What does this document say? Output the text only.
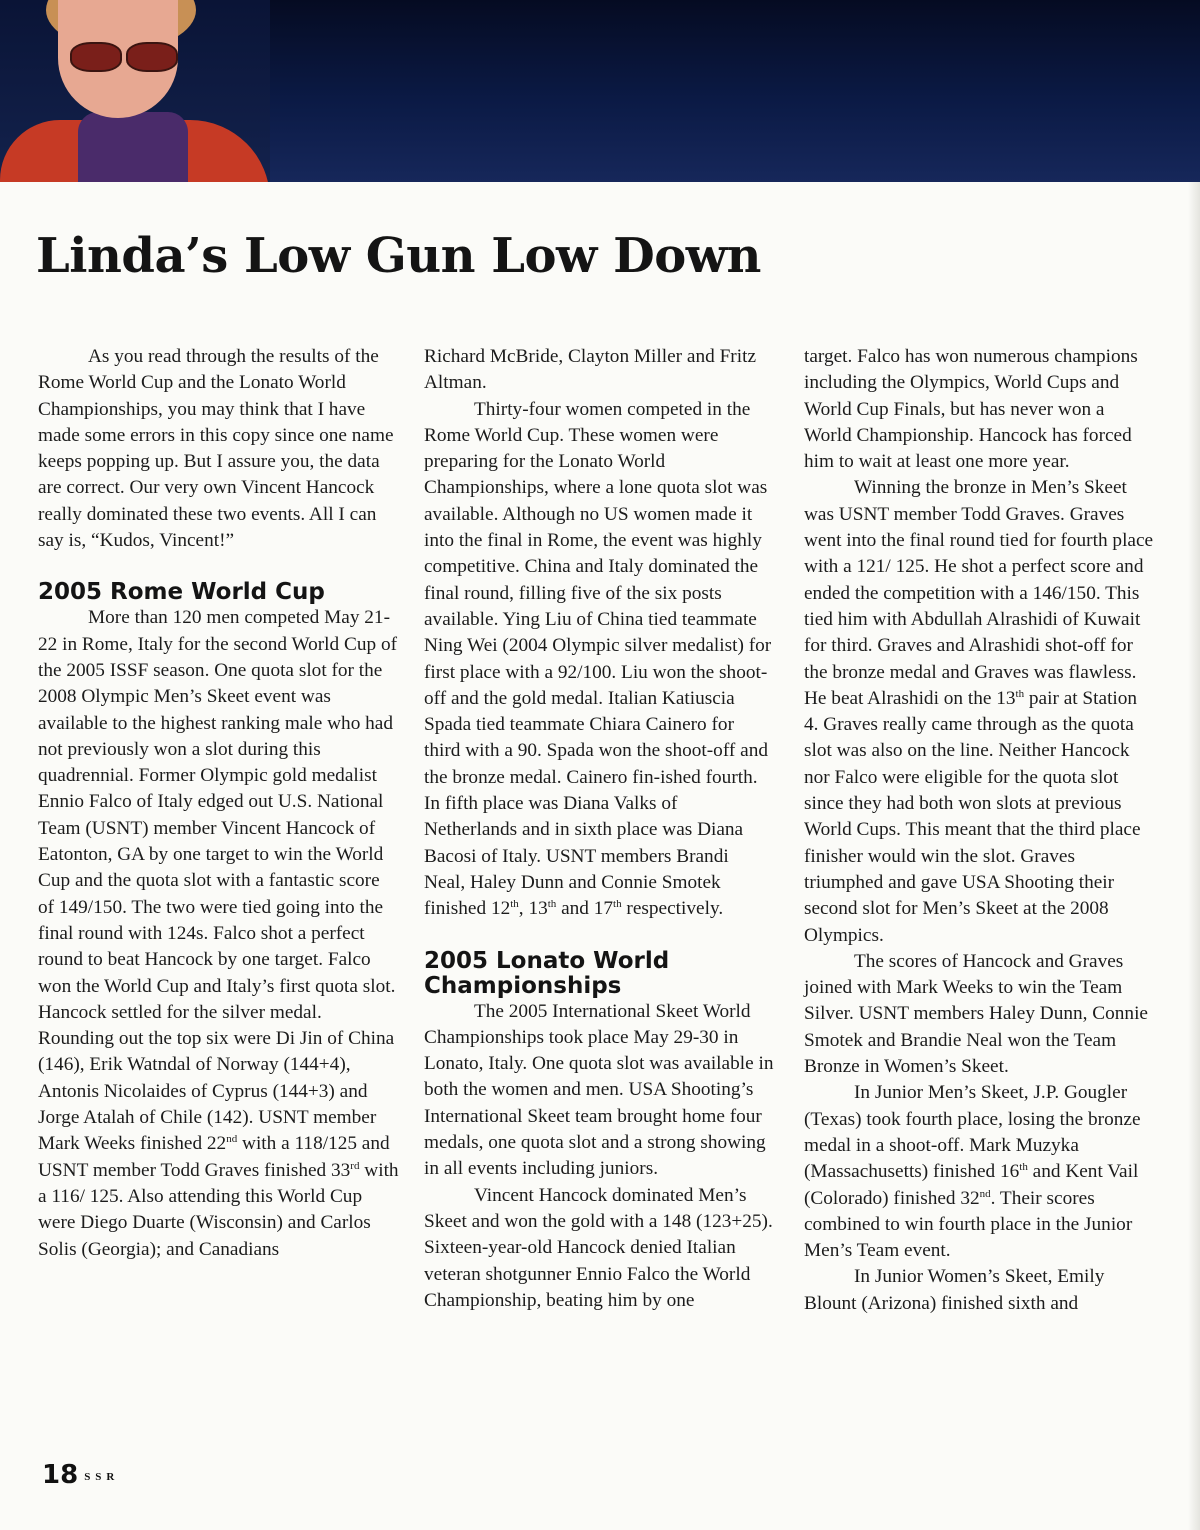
Linda’s Low Gun Low Down

As you read through the results of the Rome World Cup and the Lonato World Championships, you may think that I have made some errors in this copy since one name keeps popping up. But I assure you, the data are correct. Our very own Vincent Hancock really dominated these two events. All I can say is, “Kudos, Vincent!”

2005 Rome World Cup

More than 120 men competed May 21-22 in Rome, Italy for the second World Cup of the 2005 ISSF season. One quota slot for the 2008 Olympic Men’s Skeet event was available to the highest ranking male who had not previously won a slot during this quadrennial. Former Olympic gold medalist Ennio Falco of Italy edged out U.S. National Team (USNT) member Vincent Hancock of Eatonton, GA by one target to win the World Cup and the quota slot with a fantastic score of 149/150. The two were tied going into the final round with 124s. Falco shot a perfect round to beat Hancock by one target. Falco won the World Cup and Italy’s first quota slot. Hancock settled for the silver medal. Rounding out the top six were Di Jin of China (146), Erik Watndal of Norway (144+4), Antonis Nicolaides of Cyprus (144+3) and Jorge Atalah of Chile (142). USNT member Mark Weeks finished 22nd with a 118/125 and USNT member Todd Graves finished 33rd with a 116/ 125. Also attending this World Cup were Diego Duarte (Wisconsin) and Carlos Solis (Georgia); and Canadians

Richard McBride, Clayton Miller and Fritz Altman.

Thirty-four women competed in the Rome World Cup. These women were preparing for the Lonato World Championships, where a lone quota slot was available. Although no US women made it into the final in Rome, the event was highly competitive. China and Italy dominated the final round, filling five of the six posts available. Ying Liu of China tied teammate Ning Wei (2004 Olympic silver medalist) for first place with a 92/100. Liu won the shoot-off and the gold medal. Italian Katiuscia Spada tied teammate Chiara Cainero for third with a 90. Spada won the shoot-off and the bronze medal. Cainero fin-ished fourth. In fifth place was Diana Valks of Netherlands and in sixth place was Diana Bacosi of Italy. USNT members Brandi Neal, Haley Dunn and Connie Smotek finished 12th, 13th and 17th respectively.

2005 Lonato World Championships

The 2005 International Skeet World Championships took place May 29-30 in Lonato, Italy. One quota slot was available in both the women and men. USA Shooting’s International Skeet team brought home four medals, one quota slot and a strong showing in all events including juniors.

Vincent Hancock dominated Men’s Skeet and won the gold with a 148 (123+25). Sixteen-year-old Hancock denied Italian veteran shotgunner Ennio Falco the World Championship, beating him by one

target. Falco has won numerous champions including the Olympics, World Cups and World Cup Finals, but has never won a World Championship. Hancock has forced him to wait at least one more year.

Winning the bronze in Men’s Skeet was USNT member Todd Graves. Graves went into the final round tied for fourth place with a 121/ 125. He shot a perfect score and ended the competition with a 146/150. This tied him with Abdullah Alrashidi of Kuwait for third. Graves and Alrashidi shot-off for the bronze medal and Graves was flawless. He beat Alrashidi on the 13th pair at Station 4. Graves really came through as the quota slot was also on the line. Neither Hancock nor Falco were eligible for the quota slot since they had both won slots at previous World Cups. This meant that the third place finisher would win the slot. Graves triumphed and gave USA Shooting their second slot for Men’s Skeet at the 2008 Olympics.

The scores of Hancock and Graves joined with Mark Weeks to win the Team Silver. USNT members Haley Dunn, Connie Smotek and Brandie Neal won the Team Bronze in Women’s Skeet.

In Junior Men’s Skeet, J.P. Gougler (Texas) took fourth place, losing the bronze medal in a shoot-off. Mark Muzyka (Massachusetts) finished 16th and Kent Vail (Colorado) finished 32nd. Their scores combined to win fourth place in the Junior Men’s Team event.

In Junior Women’s Skeet, Emily Blount (Arizona) finished sixth and

18 SSR
